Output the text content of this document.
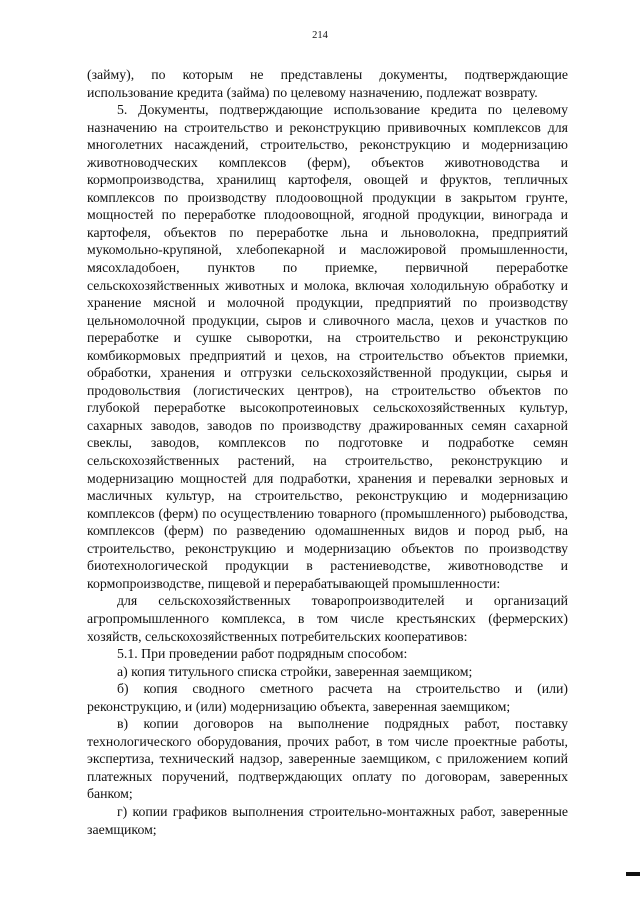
214

(займу), по которым не представлены документы, подтверждающие использование кредита (займа) по целевому назначению, подлежат возврату.

5. Документы, подтверждающие использование кредита по целевому назначению на строительство и реконструкцию прививочных комплексов для многолетних насаждений, строительство, реконструкцию и модернизацию животноводческих комплексов (ферм), объектов животноводства и кормопроизводства, хранилищ картофеля, овощей и фруктов, тепличных комплексов по производству плодоовощной продукции в закрытом грунте, мощностей по переработке плодоовощной, ягодной продукции, винограда и картофеля, объектов по переработке льна и льноволокна, предприятий мукомольно-крупяной, хлебопекарной и масложировой промышленности, мясохладобоен, пунктов по приемке, первичной переработке сельскохозяйственных животных и молока, включая холодильную обработку и хранение мясной и молочной продукции, предприятий по производству цельномолочной продукции, сыров и сливочного масла, цехов и участков по переработке и сушке сыворотки, на строительство и реконструкцию комбикормовых предприятий и цехов, на строительство объектов приемки, обработки, хранения и отгрузки сельскохозяйственной продукции, сырья и продовольствия (логистических центров), на строительство объектов по глубокой переработке высокопротеиновых сельскохозяйственных культур, сахарных заводов, заводов по производству дражированных семян сахарной свеклы, заводов, комплексов по подготовке и подработке семян сельскохозяйственных растений, на строительство, реконструкцию и модернизацию мощностей для подработки, хранения и перевалки зерновых и масличных культур, на строительство, реконструкцию и модернизацию комплексов (ферм) по осуществлению товарного (промышленного) рыбоводства, комплексов (ферм) по разведению одомашненных видов и пород рыб, на строительство, реконструкцию и модернизацию объектов по производству биотехнологической продукции в растениеводстве, животноводстве и кормопроизводстве, пищевой и перерабатывающей промышленности:

для сельскохозяйственных товаропроизводителей и организаций агропромышленного комплекса, в том числе крестьянских (фермерских) хозяйств, сельскохозяйственных потребительских кооперативов:

5.1. При проведении работ подрядным способом:

а) копия титульного списка стройки, заверенная заемщиком;

б) копия сводного сметного расчета на строительство и (или) реконструкцию, и (или) модернизацию объекта, заверенная заемщиком;

в) копии договоров на выполнение подрядных работ, поставку технологического оборудования, прочих работ, в том числе проектные работы, экспертиза, технический надзор, заверенные заемщиком, с приложением копий платежных поручений, подтверждающих оплату по договорам, заверенных банком;

г) копии графиков выполнения строительно-монтажных работ, заверенные заемщиком;
